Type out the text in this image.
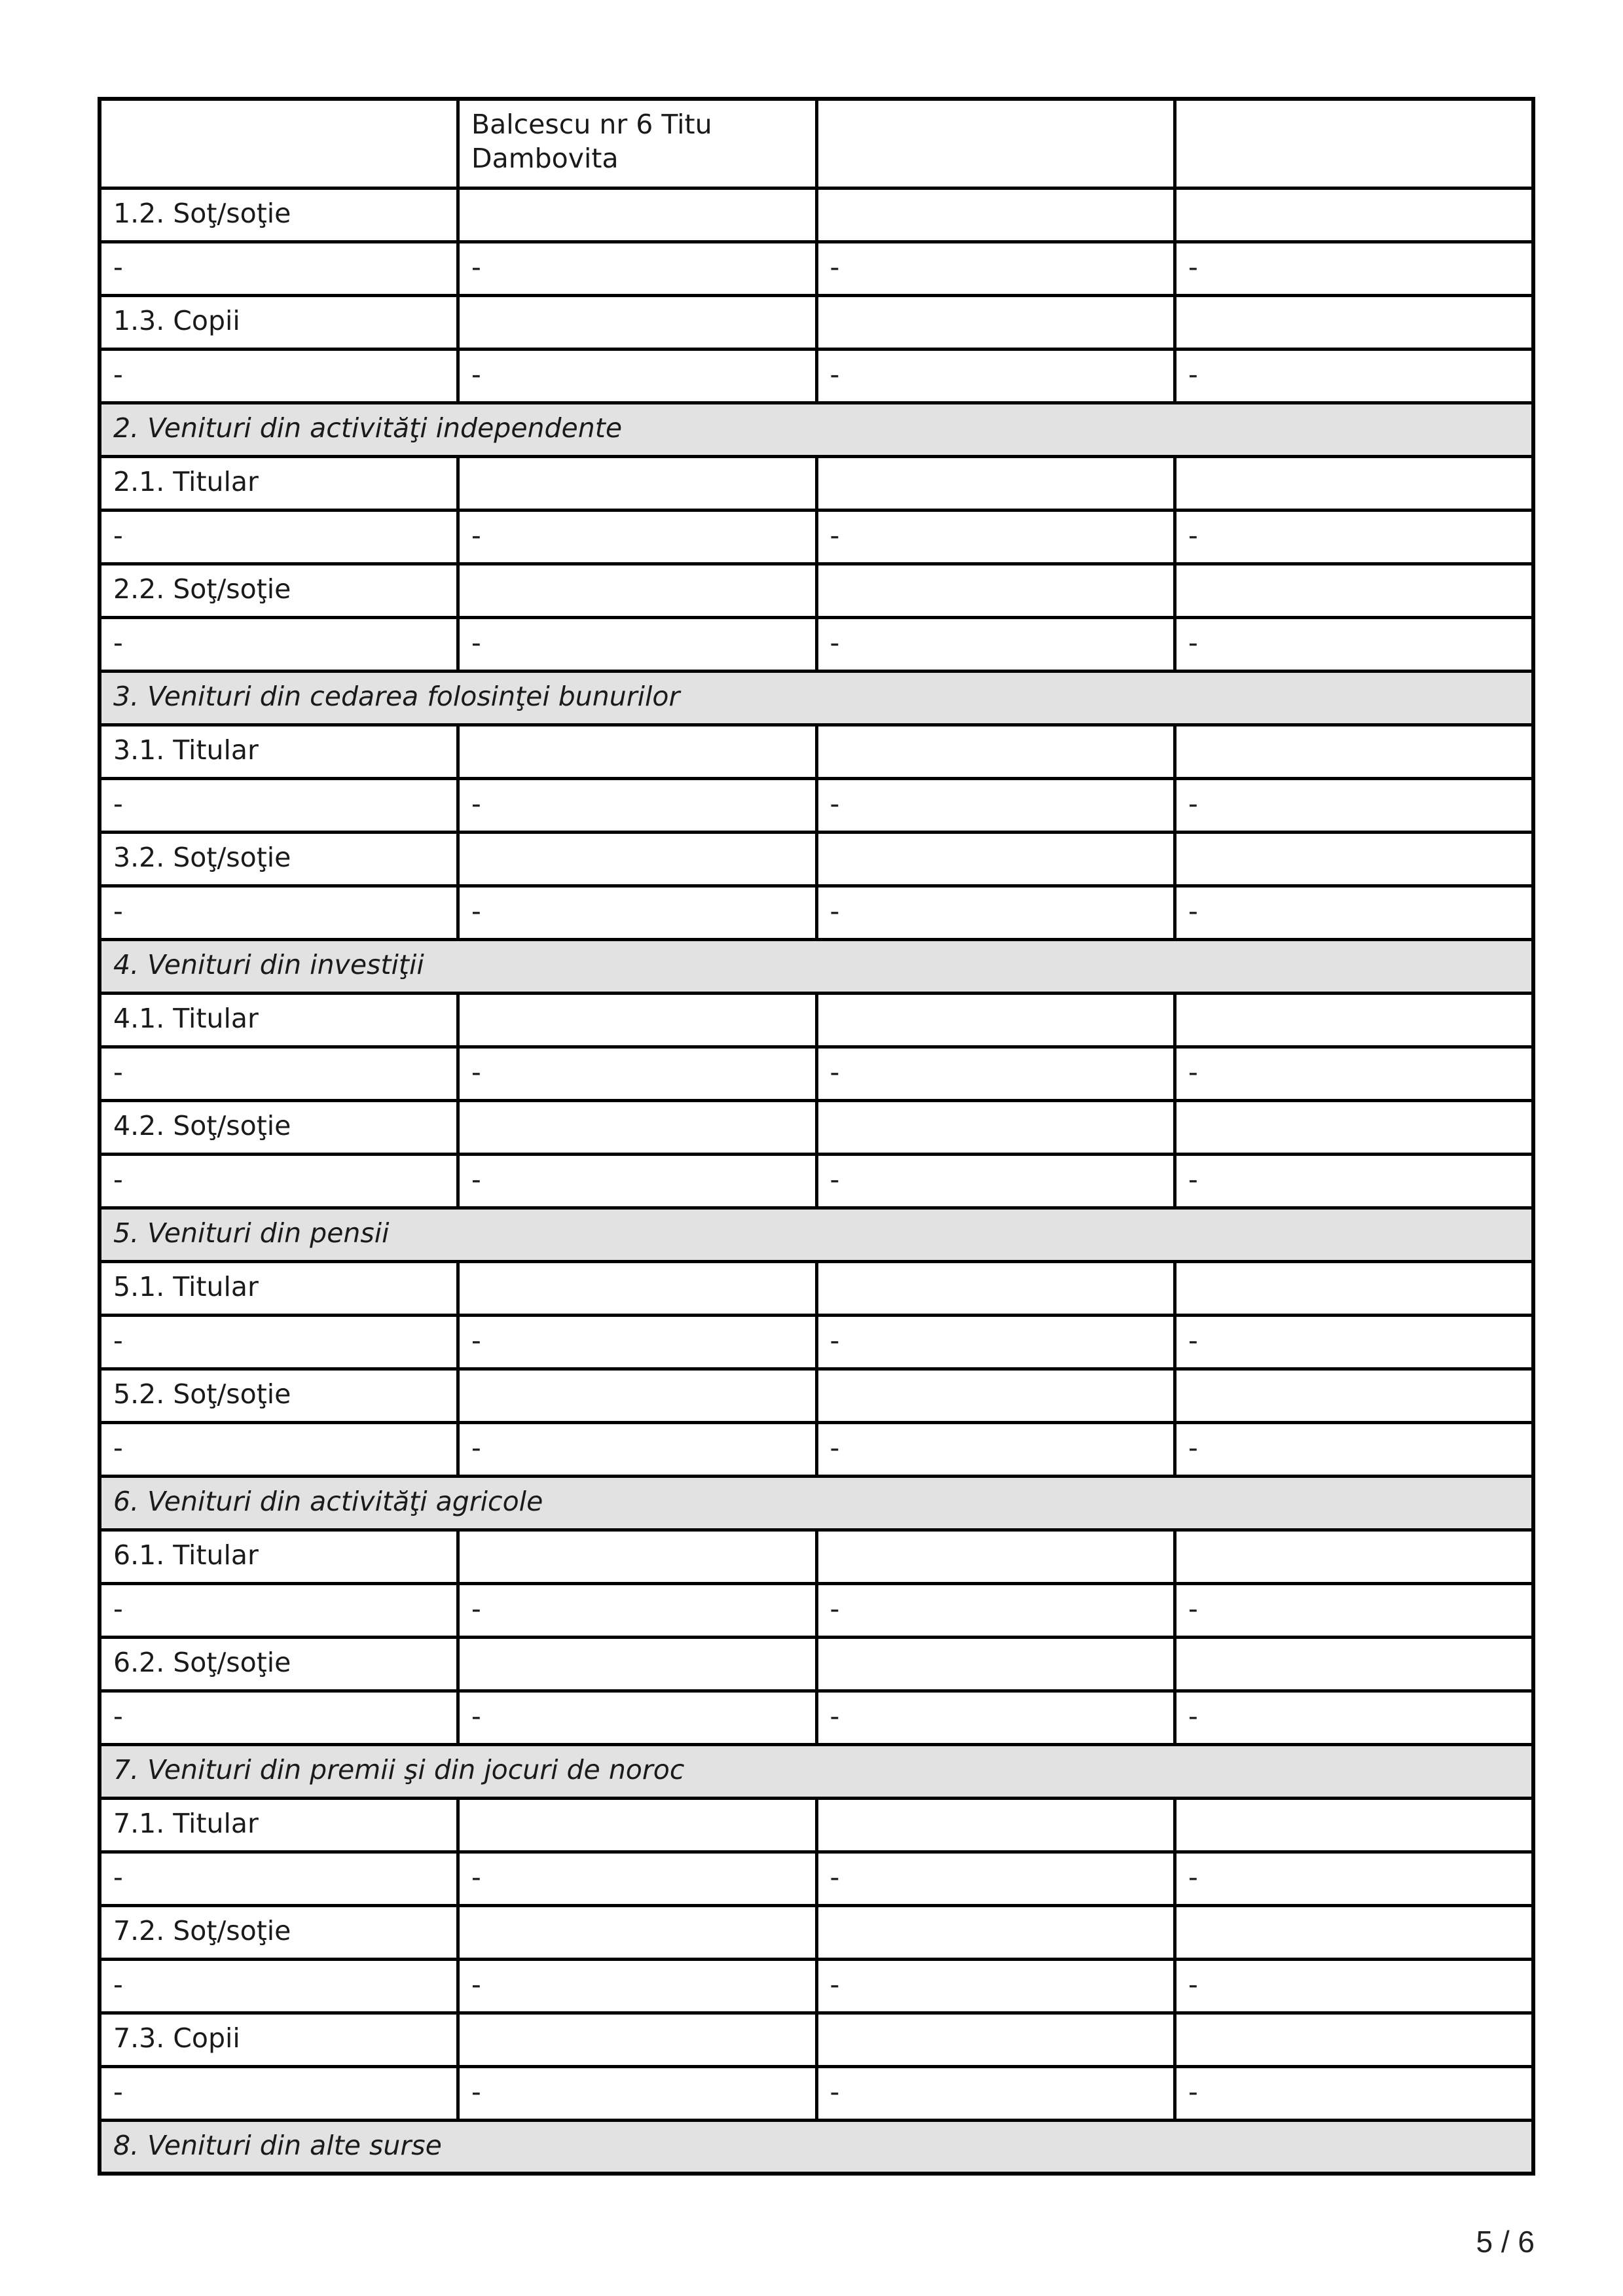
	Balcescu nr 6 Titu Dambovita		
1.2. Soţ/soţie			
-	-	-	-
1.3. Copii			
-	-	-	-
2. Venituri din activităţi independente			
2.1. Titular			
-	-	-	-
2.2. Soţ/soţie			
-	-	-	-
3. Venituri din cedarea folosinţei bunurilor			
3.1. Titular			
-	-	-	-
3.2. Soţ/soţie			
-	-	-	-
4. Venituri din investiţii			
4.1. Titular			
-	-	-	-
4.2. Soţ/soţie			
-	-	-	-
5. Venituri din pensii			
5.1. Titular			
-	-	-	-
5.2. Soţ/soţie			
-	-	-	-
6. Venituri din activităţi agricole			
6.1. Titular			
-	-	-	-
6.2. Soţ/soţie			
-	-	-	-
7. Venituri din premii şi din jocuri de noroc			
7.1. Titular			
-	-	-	-
7.2. Soţ/soţie			
-	-	-	-
7.3. Copii			
-	-	-	-
8. Venituri din alte surse			
5 / 6
